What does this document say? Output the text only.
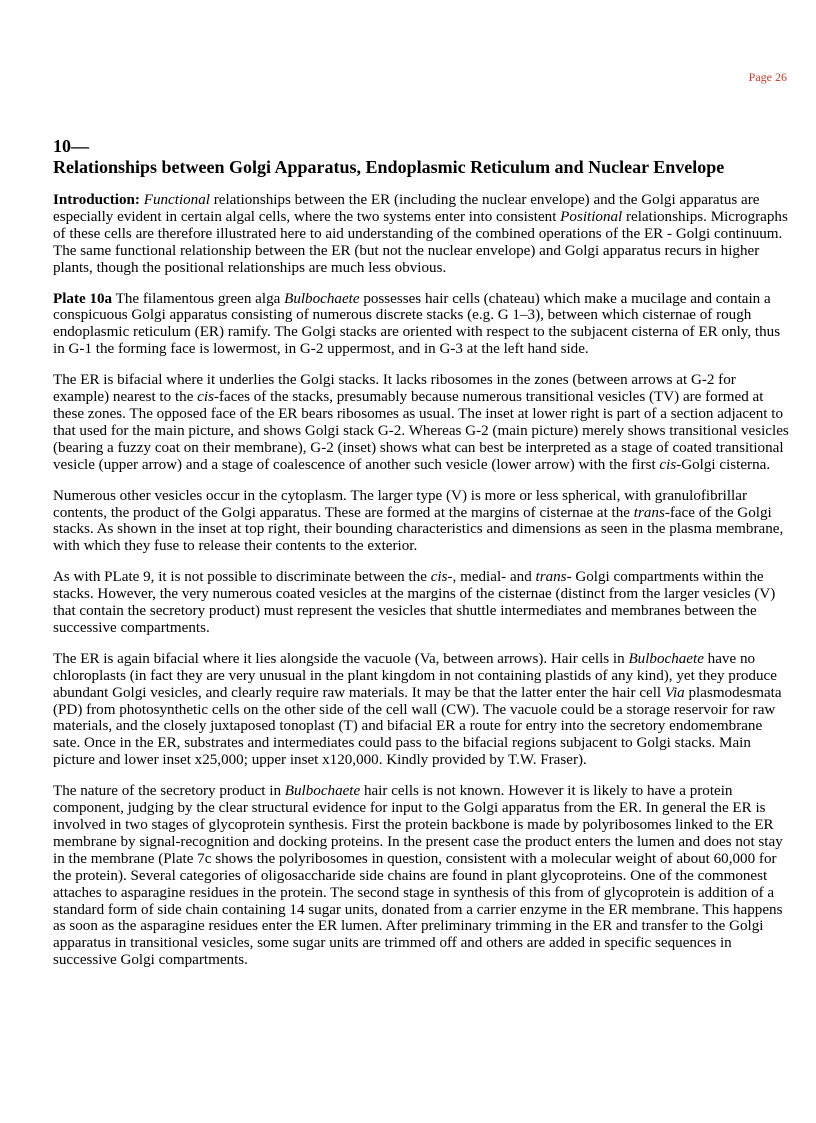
Page 26
10—
Relationships between Golgi Apparatus, Endoplasmic Reticulum and Nuclear Envelope

Introduction: Functional relationships between the ER (including the nuclear envelope) and the Golgi apparatus are especially evident in certain algal cells, where the two systems enter into consistent Positional relationships. Micrographs of these cells are therefore illustrated here to aid understanding of the combined operations of the ER - Golgi continuum. The same functional relationship between the ER (but not the nuclear envelope) and Golgi apparatus recurs in higher plants, though the positional relationships are much less obvious.

Plate 10a The filamentous green alga Bulbochaete possesses hair cells (chateau) which make a mucilage and contain a conspicuous Golgi apparatus consisting of numerous discrete stacks (e.g. G 1–3), between which cisternae of rough endoplasmic reticulum (ER) ramify. The Golgi stacks are oriented with respect to the subjacent cisterna of ER only, thus in G-1 the forming face is lowermost, in G-2 uppermost, and in G-3 at the left hand side.

The ER is bifacial where it underlies the Golgi stacks. It lacks ribosomes in the zones (between arrows at G-2 for example) nearest to the cis-faces of the stacks, presumably because numerous transitional vesicles (TV) are formed at these zones. The opposed face of the ER bears ribosomes as usual. The inset at lower right is part of a section adjacent to that used for the main picture, and shows Golgi stack G-2. Whereas G-2 (main picture) merely shows transitional vesicles (bearing a fuzzy coat on their membrane), G-2 (inset) shows what can best be interpreted as a stage of coated transitional vesicle (upper arrow) and a stage of coalescence of another such vesicle (lower arrow) with the first cis-Golgi cisterna.

Numerous other vesicles occur in the cytoplasm. The larger type (V) is more or less spherical, with granulofibrillar contents, the product of the Golgi apparatus. These are formed at the margins of cisternae at the trans-face of the Golgi stacks. As shown in the inset at top right, their bounding characteristics and dimensions as seen in the plasma membrane, with which they fuse to release their contents to the exterior.

As with PLate 9, it is not possible to discriminate between the cis-, medial- and trans- Golgi compartments within the stacks. However, the very numerous coated vesicles at the margins of the cisternae (distinct from the larger vesicles (V) that contain the secretory product) must represent the vesicles that shuttle intermediates and membranes between the successive compartments.

The ER is again bifacial where it lies alongside the vacuole (Va, between arrows). Hair cells in Bulbochaete have no chloroplasts (in fact they are very unusual in the plant kingdom in not containing plastids of any kind), yet they produce abundant Golgi vesicles, and clearly require raw materials. It may be that the latter enter the hair cell Via plasmodesmata (PD) from photosynthetic cells on the other side of the cell wall (CW). The vacuole could be a storage reservoir for raw materials, and the closely juxtaposed tonoplast (T) and bifacial ER a route for entry into the secretory endomembrane sate. Once in the ER, substrates and intermediates could pass to the bifacial regions subjacent to Golgi stacks. Main picture and lower inset x25,000; upper inset x120,000. Kindly provided by T.W. Fraser).

The nature of the secretory product in Bulbochaete hair cells is not known. However it is likely to have a protein component, judging by the clear structural evidence for input to the Golgi apparatus from the ER. In general the ER is involved in two stages of glycoprotein synthesis. First the protein backbone is made by polyribosomes linked to the ER membrane by signal-recognition and docking proteins. In the present case the product enters the lumen and does not stay in the membrane (Plate 7c shows the polyribosomes in question, consistent with a molecular weight of about 60,000 for the protein). Several categories of oligosaccharide side chains are found in plant glycoproteins. One of the commonest attaches to asparagine residues in the protein. The second stage in synthesis of this from of glycoprotein is addition of a standard form of side chain containing 14 sugar units, donated from a carrier enzyme in the ER membrane. This happens as soon as the asparagine residues enter the ER lumen. After preliminary trimming in the ER and transfer to the Golgi apparatus in transitional vesicles, some sugar units are trimmed off and others are added in specific sequences in successive Golgi compartments.
